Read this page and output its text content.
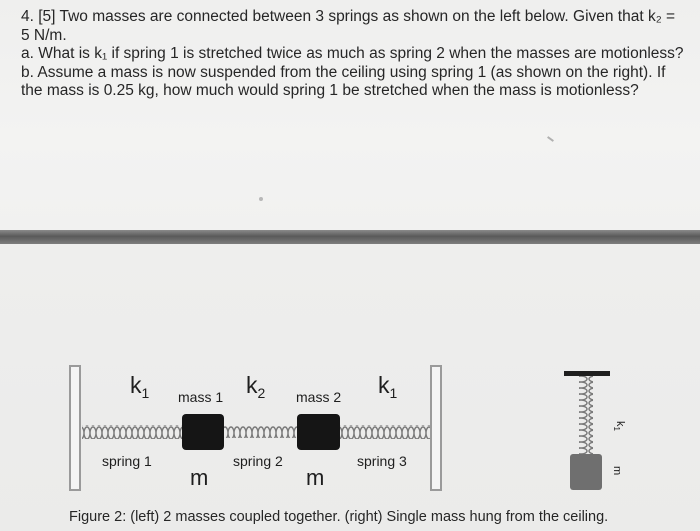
4. [5] Two masses are connected between 3 springs as shown on the left below. Given that k₂ =
5 N/m.
a. What is k₁ if spring 1 is stretched twice as much as spring 2 when the masses are motionless?
b. Assume a mass is now suspended from the ceiling using spring 1 (as shown on the right). If
the mass is 0.25 kg, how much would spring 1 be stretched when the mass is motionless?
$k_1$ mass 1 $k_2$ mass 2 $k_1$
spring 1	spring 2	spring 3
m	m
$k_1$
m
Figure 2: (left) 2 masses coupled together. (right) Single mass hung from the ceiling.
